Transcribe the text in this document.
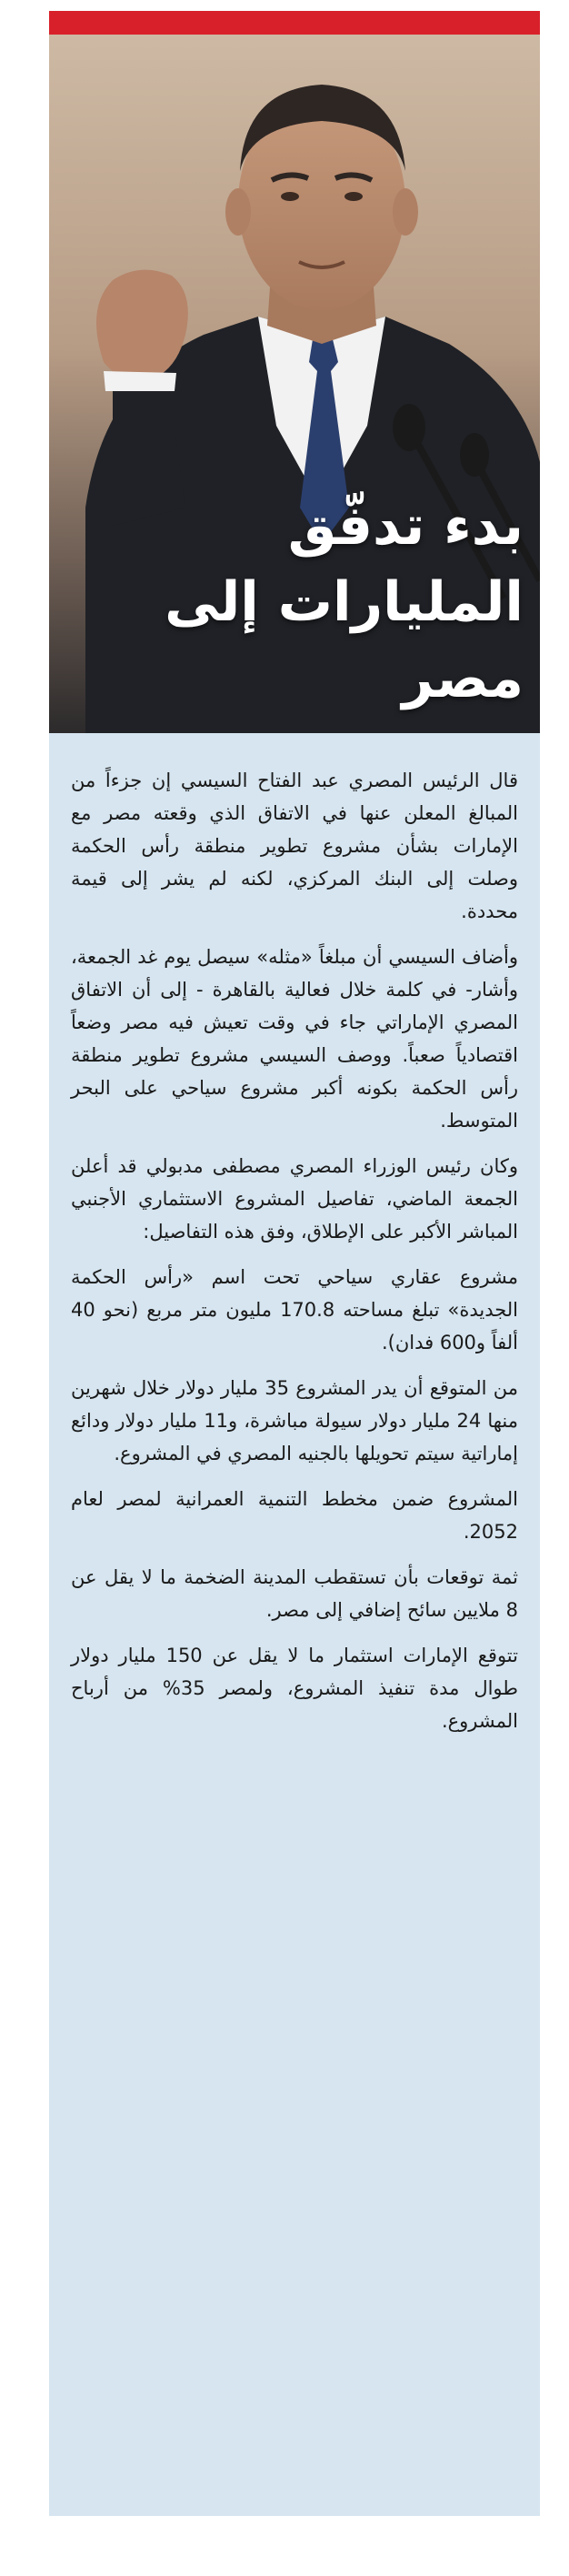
بدء تدفّق
المليارات إلى مصر

قال الرئيس المصري عبد الفتاح السيسي إن جزءاً من المبالغ المعلن عنها في الاتفاق الذي وقعته مصر مع الإمارات بشأن مشروع تطوير منطقة رأس الحكمة وصلت إلى البنك المركزي، لكنه لم يشر إلى قيمة محددة.

وأضاف السيسي أن مبلغاً «مثله» سيصل يوم غد الجمعة، وأشار- في كلمة خلال فعالية بالقاهرة - إلى أن الاتفاق المصري الإماراتي جاء في وقت تعيش فيه مصر وضعاً اقتصادياً صعباً. ووصف السيسي مشروع تطوير منطقة رأس الحكمة بكونه أكبر مشروع سياحي على البحر المتوسط.

وكان رئيس الوزراء المصري مصطفى مدبولي قد أعلن الجمعة الماضي، تفاصيل المشروع الاستثماري الأجنبي المباشر الأكبر على الإطلاق، وفق هذه التفاصيل:

مشروع عقاري سياحي تحت اسم «رأس الحكمة الجديدة» تبلغ مساحته 170.8 مليون متر مربع (نحو 40 ألفاً و600 فدان).

من المتوقع أن يدر المشروع 35 مليار دولار خلال شهرين منها 24 مليار دولار سيولة مباشرة، و11 مليار دولار ودائع إماراتية سيتم تحويلها بالجنيه المصري في المشروع.

المشروع ضمن مخطط التنمية العمرانية لمصر لعام 2052.

ثمة توقعات بأن تستقطب المدينة الضخمة ما لا يقل عن 8 ملايين سائح إضافي إلى مصر.

تتوقع الإمارات استثمار ما لا يقل عن 150 مليار دولار طوال مدة تنفيذ المشروع، ولمصر 35% من أرباح المشروع.
